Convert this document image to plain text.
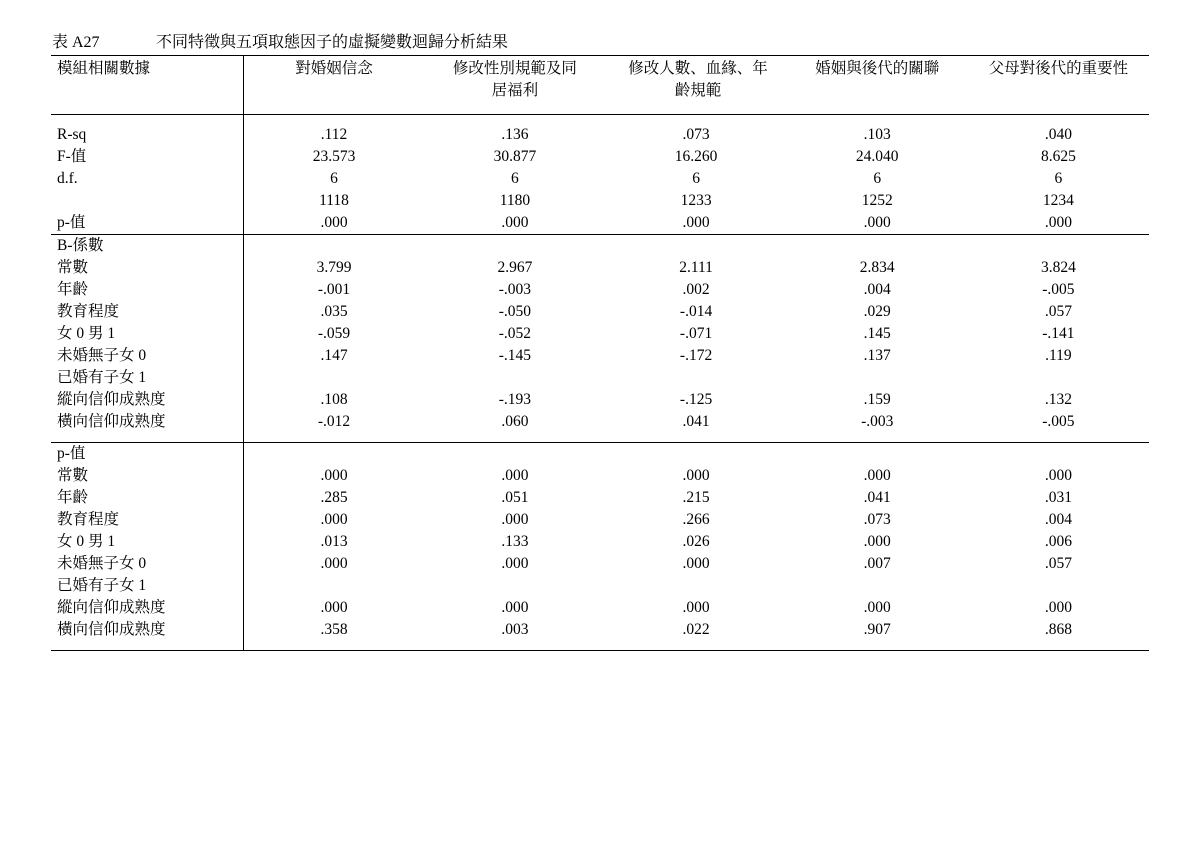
表 A27	不同特徵與五項取態因子的虛擬變數迴歸分析結果
模組相關數據	對婚姻信念	修改性別規範及同居福利	修改人數、血緣、年齡規範	婚姻與後代的關聯	父母對後代的重要性

R-sq	.112	.136	.073	.103	.040
F-值	23.573	30.877	16.260	24.040	8.625
d.f.	6	6	6	6	6
	1118	1180	1233	1252	1234
p-值	.000	.000	.000	.000	.000
B-係數					
常數	3.799	2.967	2.111	2.834	3.824
年齡	-.001	-.003	.002	.004	-.005
教育程度	.035	-.050	-.014	.029	.057
女 0 男 1	-.059	-.052	-.071	.145	-.141
未婚無子女 0	.147	-.145	-.172	.137	.119
已婚有子女 1					
縱向信仰成熟度	.108	-.193	-.125	.159	.132
橫向信仰成熟度	-.012	.060	.041	-.003	-.005

p-值					
常數	.000	.000	.000	.000	.000
年齡	.285	.051	.215	.041	.031
教育程度	.000	.000	.266	.073	.004
女 0 男 1	.013	.133	.026	.000	.006
未婚無子女 0	.000	.000	.000	.007	.057
已婚有子女 1					
縱向信仰成熟度	.000	.000	.000	.000	.000
橫向信仰成熟度	.358	.003	.022	.907	.868
